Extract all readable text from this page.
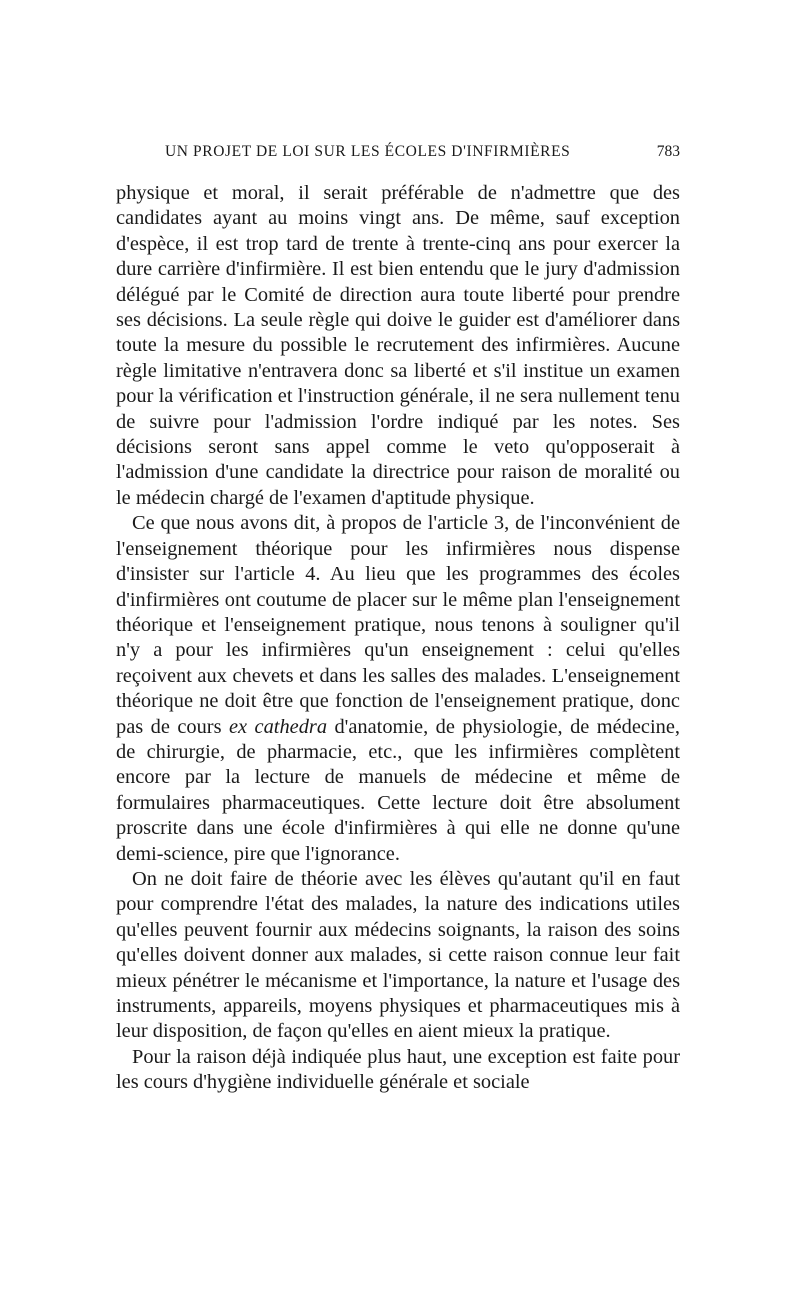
UN PROJET DE LOI SUR LES ÉCOLES D'INFIRMIÈRES	783

physique et moral, il serait préférable de n'admettre que des candidates ayant au moins vingt ans. De même, sauf exception d'espèce, il est trop tard de trente à trente-cinq ans pour exercer la dure carrière d'infirmière. Il est bien entendu que le jury d'admission délégué par le Comité de direction aura toute liberté pour prendre ses décisions. La seule règle qui doive le guider est d'améliorer dans toute la mesure du possible le recrutement des infirmières. Aucune règle limitative n'entravera donc sa liberté et s'il institue un examen pour la vérification et l'instruction générale, il ne sera nullement tenu de suivre pour l'admission l'ordre indiqué par les notes. Ses décisions seront sans appel comme le veto qu'opposerait à l'admission d'une candidate la directrice pour raison de moralité ou le médecin chargé de l'examen d'aptitude physique.

Ce que nous avons dit, à propos de l'article 3, de l'inconvénient de l'enseignement théorique pour les infirmières nous dispense d'insister sur l'article 4. Au lieu que les programmes des écoles d'infirmières ont coutume de placer sur le même plan l'enseignement théorique et l'enseignement pratique, nous tenons à souligner qu'il n'y a pour les infirmières qu'un enseignement : celui qu'elles reçoivent aux chevets et dans les salles des malades. L'enseignement théorique ne doit être que fonction de l'enseignement pratique, donc pas de cours ex cathedra d'anatomie, de physiologie, de médecine, de chirurgie, de pharmacie, etc., que les infirmières complètent encore par la lecture de manuels de médecine et même de formulaires pharmaceutiques. Cette lecture doit être absolument proscrite dans une école d'infirmières à qui elle ne donne qu'une demi-science, pire que l'ignorance.

On ne doit faire de théorie avec les élèves qu'autant qu'il en faut pour comprendre l'état des malades, la nature des indications utiles qu'elles peuvent fournir aux médecins soignants, la raison des soins qu'elles doivent donner aux malades, si cette raison connue leur fait mieux pénétrer le mécanisme et l'importance, la nature et l'usage des instruments, appareils, moyens physiques et pharmaceutiques mis à leur disposition, de façon qu'elles en aient mieux la pratique.

Pour la raison déjà indiquée plus haut, une exception est faite pour les cours d'hygiène individuelle générale et sociale
